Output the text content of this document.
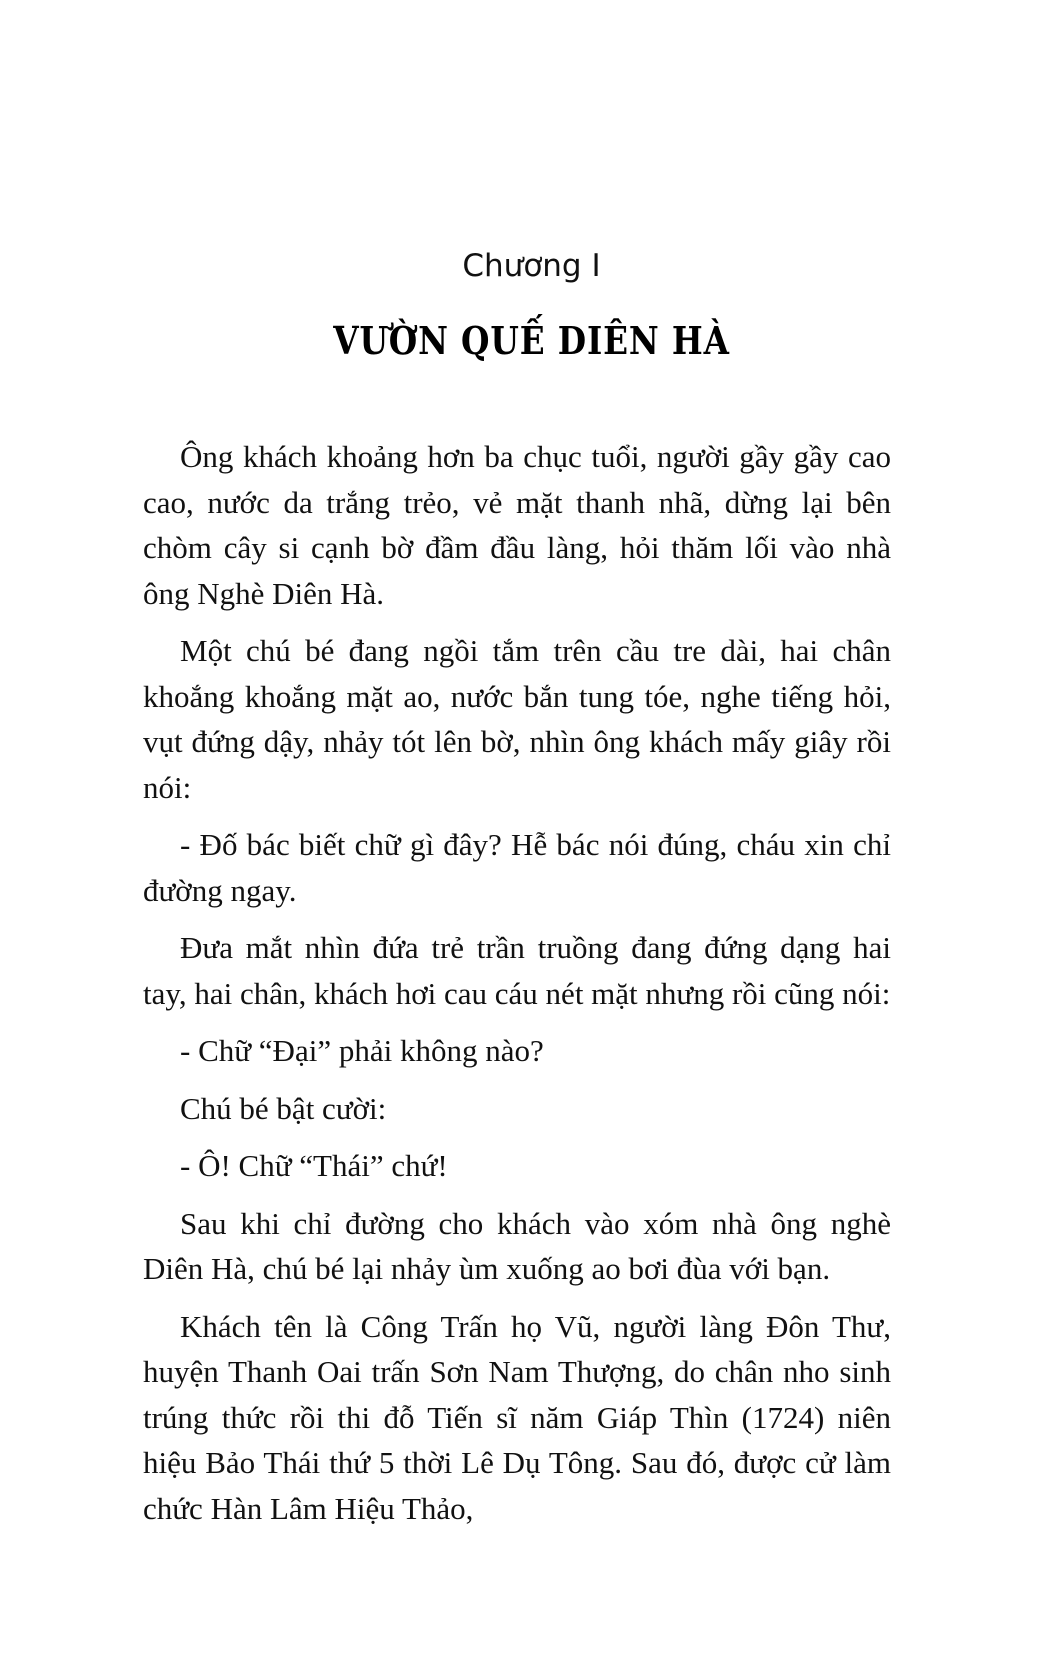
Chương I
VƯỜN QUẾ DIÊN HÀ

Ông khách khoảng hơn ba chục tuổi, người gầy gầy cao cao, nước da trắng trẻo, vẻ mặt thanh nhã, dừng lại bên chòm cây si cạnh bờ đầm đầu làng, hỏi thăm lối vào nhà ông Nghè Diên Hà.

Một chú bé đang ngồi tắm trên cầu tre dài, hai chân khoắng khoắng mặt ao, nước bắn tung tóe, nghe tiếng hỏi, vụt đứng dậy, nhảy tót lên bờ, nhìn ông khách mấy giây rồi nói:

- Đố bác biết chữ gì đây? Hễ bác nói đúng, cháu xin chỉ đường ngay.

Đưa mắt nhìn đứa trẻ trần truồng đang đứng dạng hai tay, hai chân, khách hơi cau cáu nét mặt nhưng rồi cũng nói:

- Chữ “Đại” phải không nào?

Chú bé bật cười:

- Ô! Chữ “Thái” chứ!

Sau khi chỉ đường cho khách vào xóm nhà ông nghè Diên Hà, chú bé lại nhảy ùm xuống ao bơi đùa với bạn.

Khách tên là Công Trấn họ Vũ, người làng Đôn Thư, huyện Thanh Oai trấn Sơn Nam Thượng, do chân nho sinh trúng thức rồi thi đỗ Tiến sĩ năm Giáp Thìn (1724) niên hiệu Bảo Thái thứ 5 thời Lê Dụ Tông. Sau đó, được cử làm chức Hàn Lâm Hiệu Thảo,
